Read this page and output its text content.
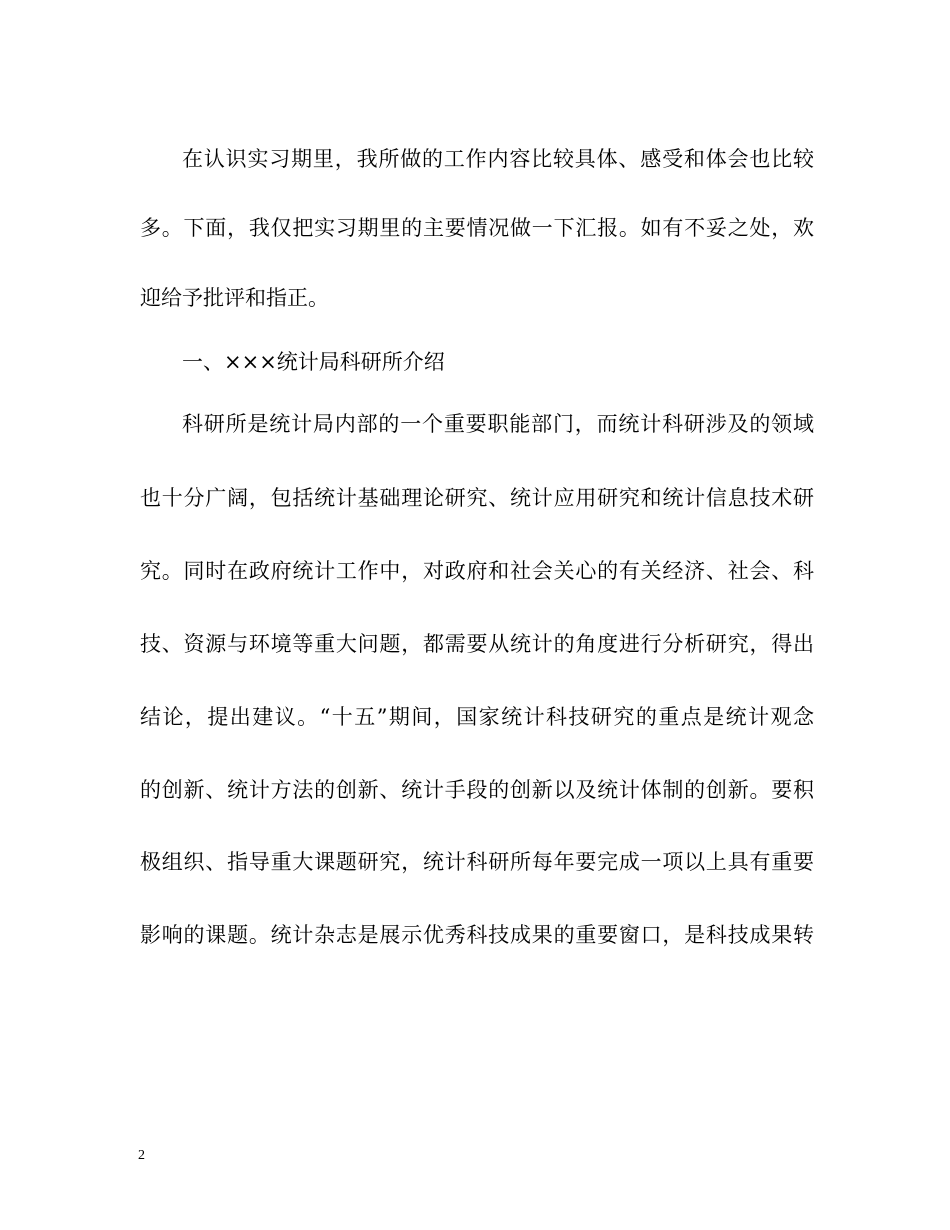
在认识实习期里，我所做的工作内容比较具体、感受和体会也比较
多。下面，我仅把实习期里的主要情况做一下汇报。如有不妥之处，欢
迎给予批评和指正。
一、×××统计局科研所介绍
科研所是统计局内部的一个重要职能部门，而统计科研涉及的领域
也十分广阔，包括统计基础理论研究、统计应用研究和统计信息技术研
究。同时在政府统计工作中，对政府和社会关心的有关经济、社会、科
技、资源与环境等重大问题，都需要从统计的角度进行分析研究，得出
结论，提出建议。“十五”期间，国家统计科技研究的重点是统计观念
的创新、统计方法的创新、统计手段的创新以及统计体制的创新。要积
极组织、指导重大课题研究，统计科研所每年要完成一项以上具有重要
影响的课题。统计杂志是展示优秀科技成果的重要窗口，是科技成果转
2
